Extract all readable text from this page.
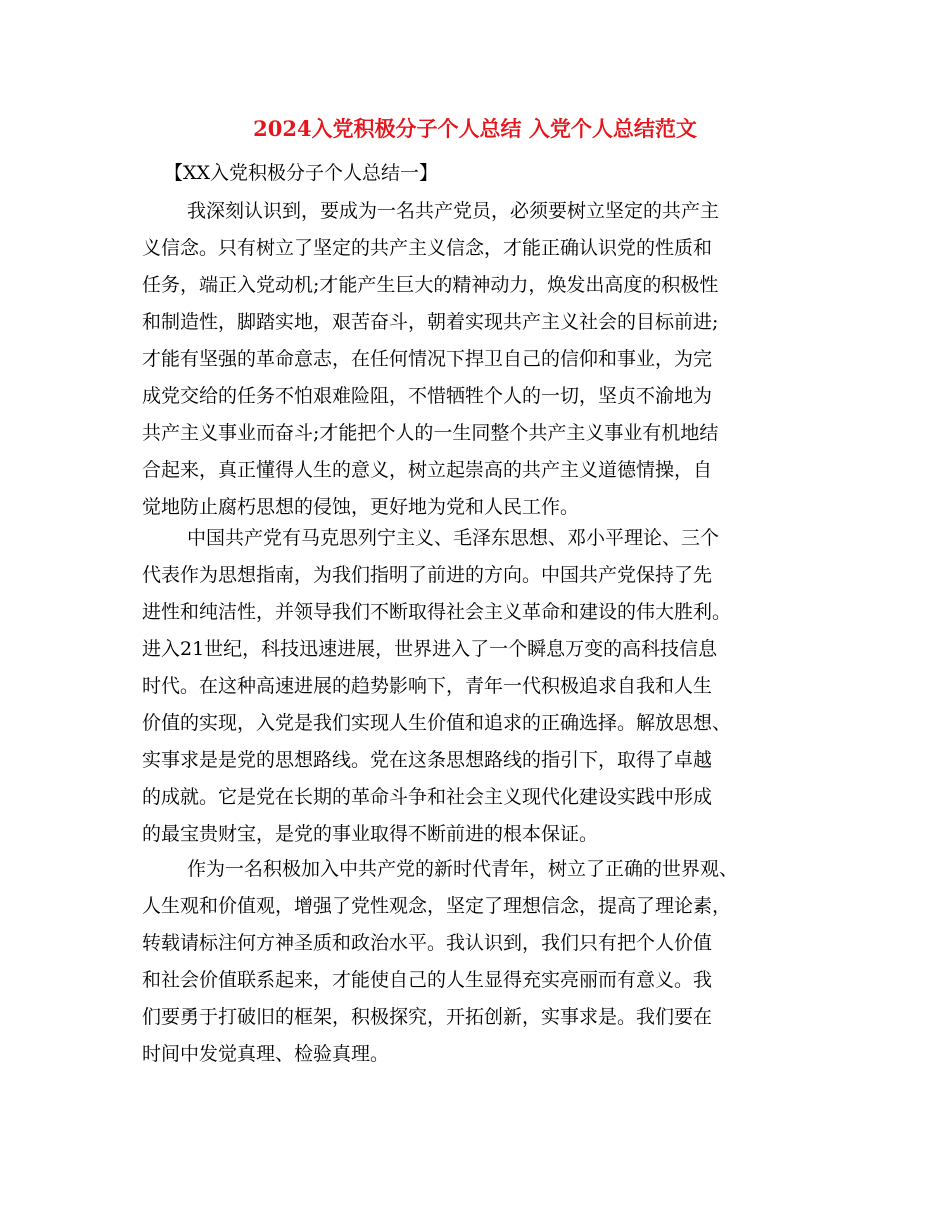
2024入党积极分子个人总结 入党个人总结范文
【XX入党积极分子个人总结一】
我深刻认识到，要成为一名共产党员，必须要树立坚定的共产主
义信念。只有树立了坚定的共产主义信念，才能正确认识党的性质和
任务，端正入党动机;才能产生巨大的精神动力，焕发出高度的积极性
和制造性，脚踏实地，艰苦奋斗，朝着实现共产主义社会的目标前进;
才能有坚强的革命意志，在任何情况下捍卫自己的信仰和事业，为完
成党交给的任务不怕艰难险阻，不惜牺牲个人的一切，坚贞不渝地为
共产主义事业而奋斗;才能把个人的一生同整个共产主义事业有机地结
合起来，真正懂得人生的意义，树立起崇高的共产主义道德情操，自
觉地防止腐朽思想的侵蚀，更好地为党和人民工作。
中国共产党有马克思列宁主义、毛泽东思想、邓小平理论、三个
代表作为思想指南，为我们指明了前进的方向。中国共产党保持了先
进性和纯洁性，并领导我们不断取得社会主义革命和建设的伟大胜利。
进入21世纪，科技迅速进展，世界进入了一个瞬息万变的高科技信息
时代。在这种高速进展的趋势影响下，青年一代积极追求自我和人生
价值的实现，入党是我们实现人生价值和追求的正确选择。解放思想、
实事求是是党的思想路线。党在这条思想路线的指引下，取得了卓越
的成就。它是党在长期的革命斗争和社会主义现代化建设实践中形成
的最宝贵财宝，是党的事业取得不断前进的根本保证。
作为一名积极加入中共产党的新时代青年，树立了正确的世界观、
人生观和价值观，增强了党性观念，坚定了理想信念，提高了理论素，
转载请标注何方神圣质和政治水平。我认识到，我们只有把个人价值
和社会价值联系起来，才能使自己的人生显得充实亮丽而有意义。我
们要勇于打破旧的框架，积极探究，开拓创新，实事求是。我们要在
时间中发觉真理、检验真理。
